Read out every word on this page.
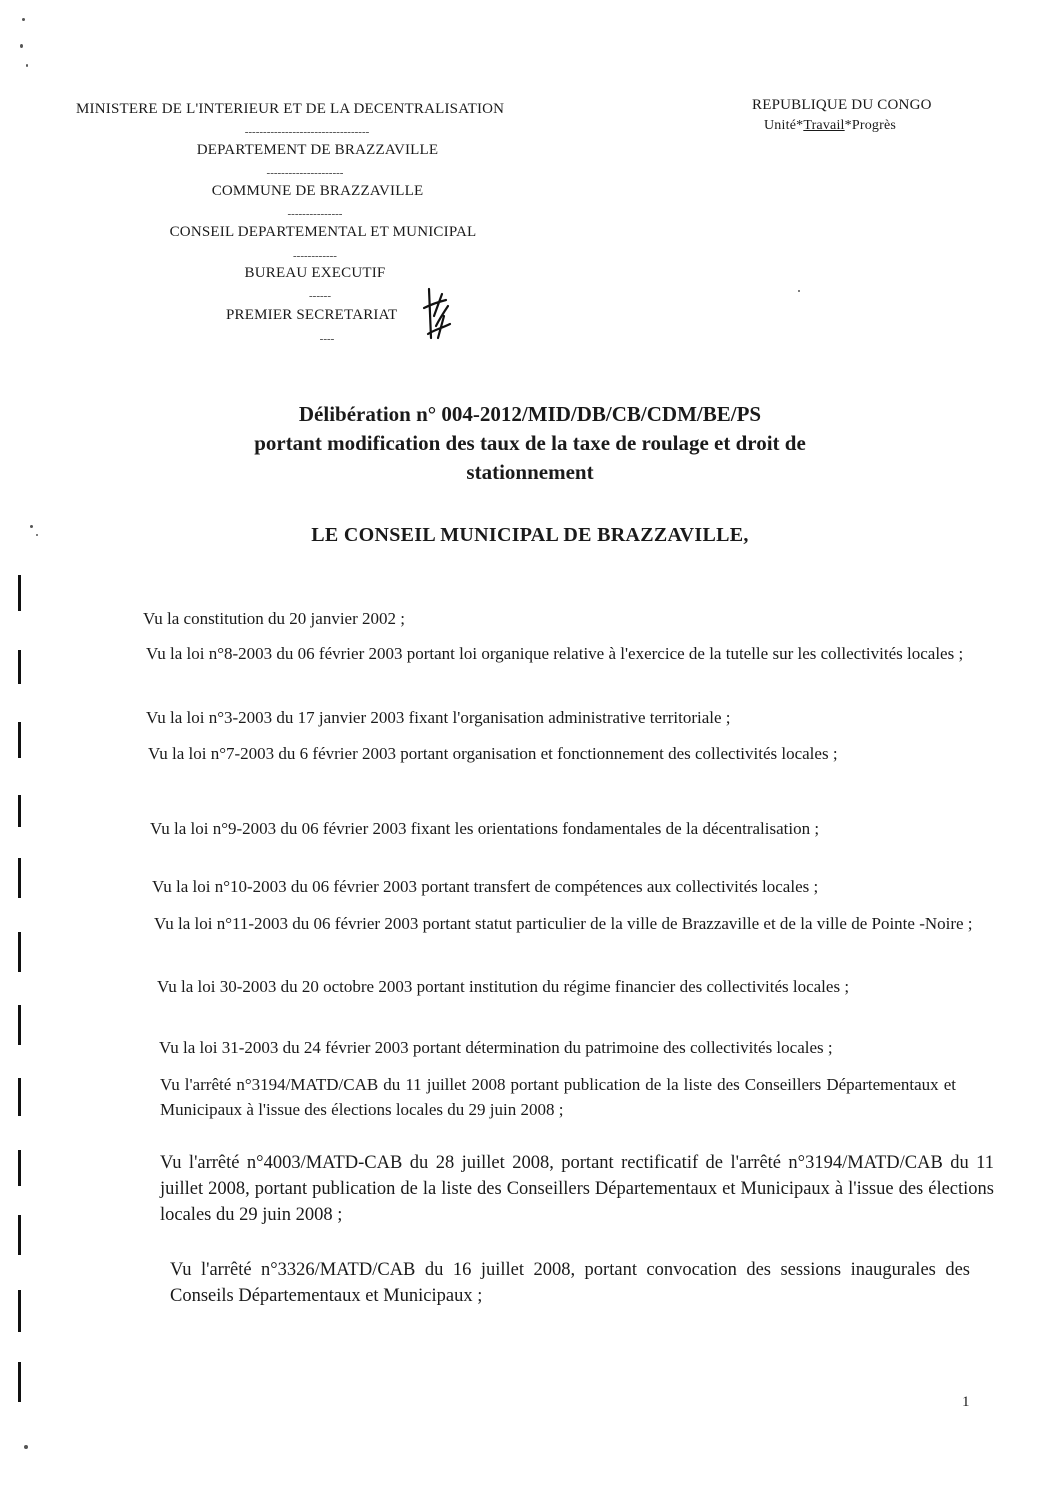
MINISTERE DE L'INTERIEUR ET DE LA DECENTRALISATION
----------------------------------
DEPARTEMENT DE BRAZZAVILLE
---------------------
COMMUNE DE BRAZZAVILLE
---------------
CONSEIL DEPARTEMENTAL ET MUNICIPAL
------------
BUREAU EXECUTIF
------
PREMIER SECRETARIAT
----
REPUBLIQUE DU CONGO
Unité*Travail*Progrès
Délibération n° 004-2012/MID/DB/CB/CDM/BE/PS
portant modification des taux de la taxe de roulage et droit de
stationnement
LE CONSEIL MUNICIPAL DE BRAZZAVILLE,
Vu la constitution du 20 janvier 2002 ;
Vu la loi n°8-2003 du 06 février 2003 portant loi organique relative à l'exercice de la tutelle sur les collectivités locales ;
Vu la loi n°3-2003 du 17 janvier 2003 fixant l'organisation administrative territoriale ;
Vu la loi n°7-2003 du 6 février 2003 portant organisation et fonctionnement des collectivités locales ;
Vu la loi n°9-2003 du 06 février 2003 fixant les orientations fondamentales de la décentralisation ;
Vu la loi n°10-2003 du 06 février 2003 portant transfert de compétences aux collectivités locales ;
Vu la loi n°11-2003 du 06 février 2003 portant statut particulier de la ville de Brazzaville et de la ville de Pointe -Noire ;
Vu la loi 30-2003 du 20 octobre 2003 portant institution du régime financier des collectivités locales ;
Vu la loi 31-2003 du 24 février 2003 portant détermination du patrimoine des collectivités locales ;
Vu l'arrêté n°3194/MATD/CAB du 11 juillet 2008 portant publication de la liste des Conseillers Départementaux et Municipaux à l'issue des élections locales du 29 juin 2008 ;
Vu l'arrêté n°4003/MATD-CAB du 28 juillet 2008, portant rectificatif de l'arrêté n°3194/MATD/CAB du 11 juillet 2008, portant publication de la liste des Conseillers Départementaux et Municipaux à l'issue des élections locales du 29 juin 2008 ;
Vu l'arrêté n°3326/MATD/CAB du 16 juillet 2008, portant convocation des sessions inaugurales des Conseils Départementaux et Municipaux ;
1
